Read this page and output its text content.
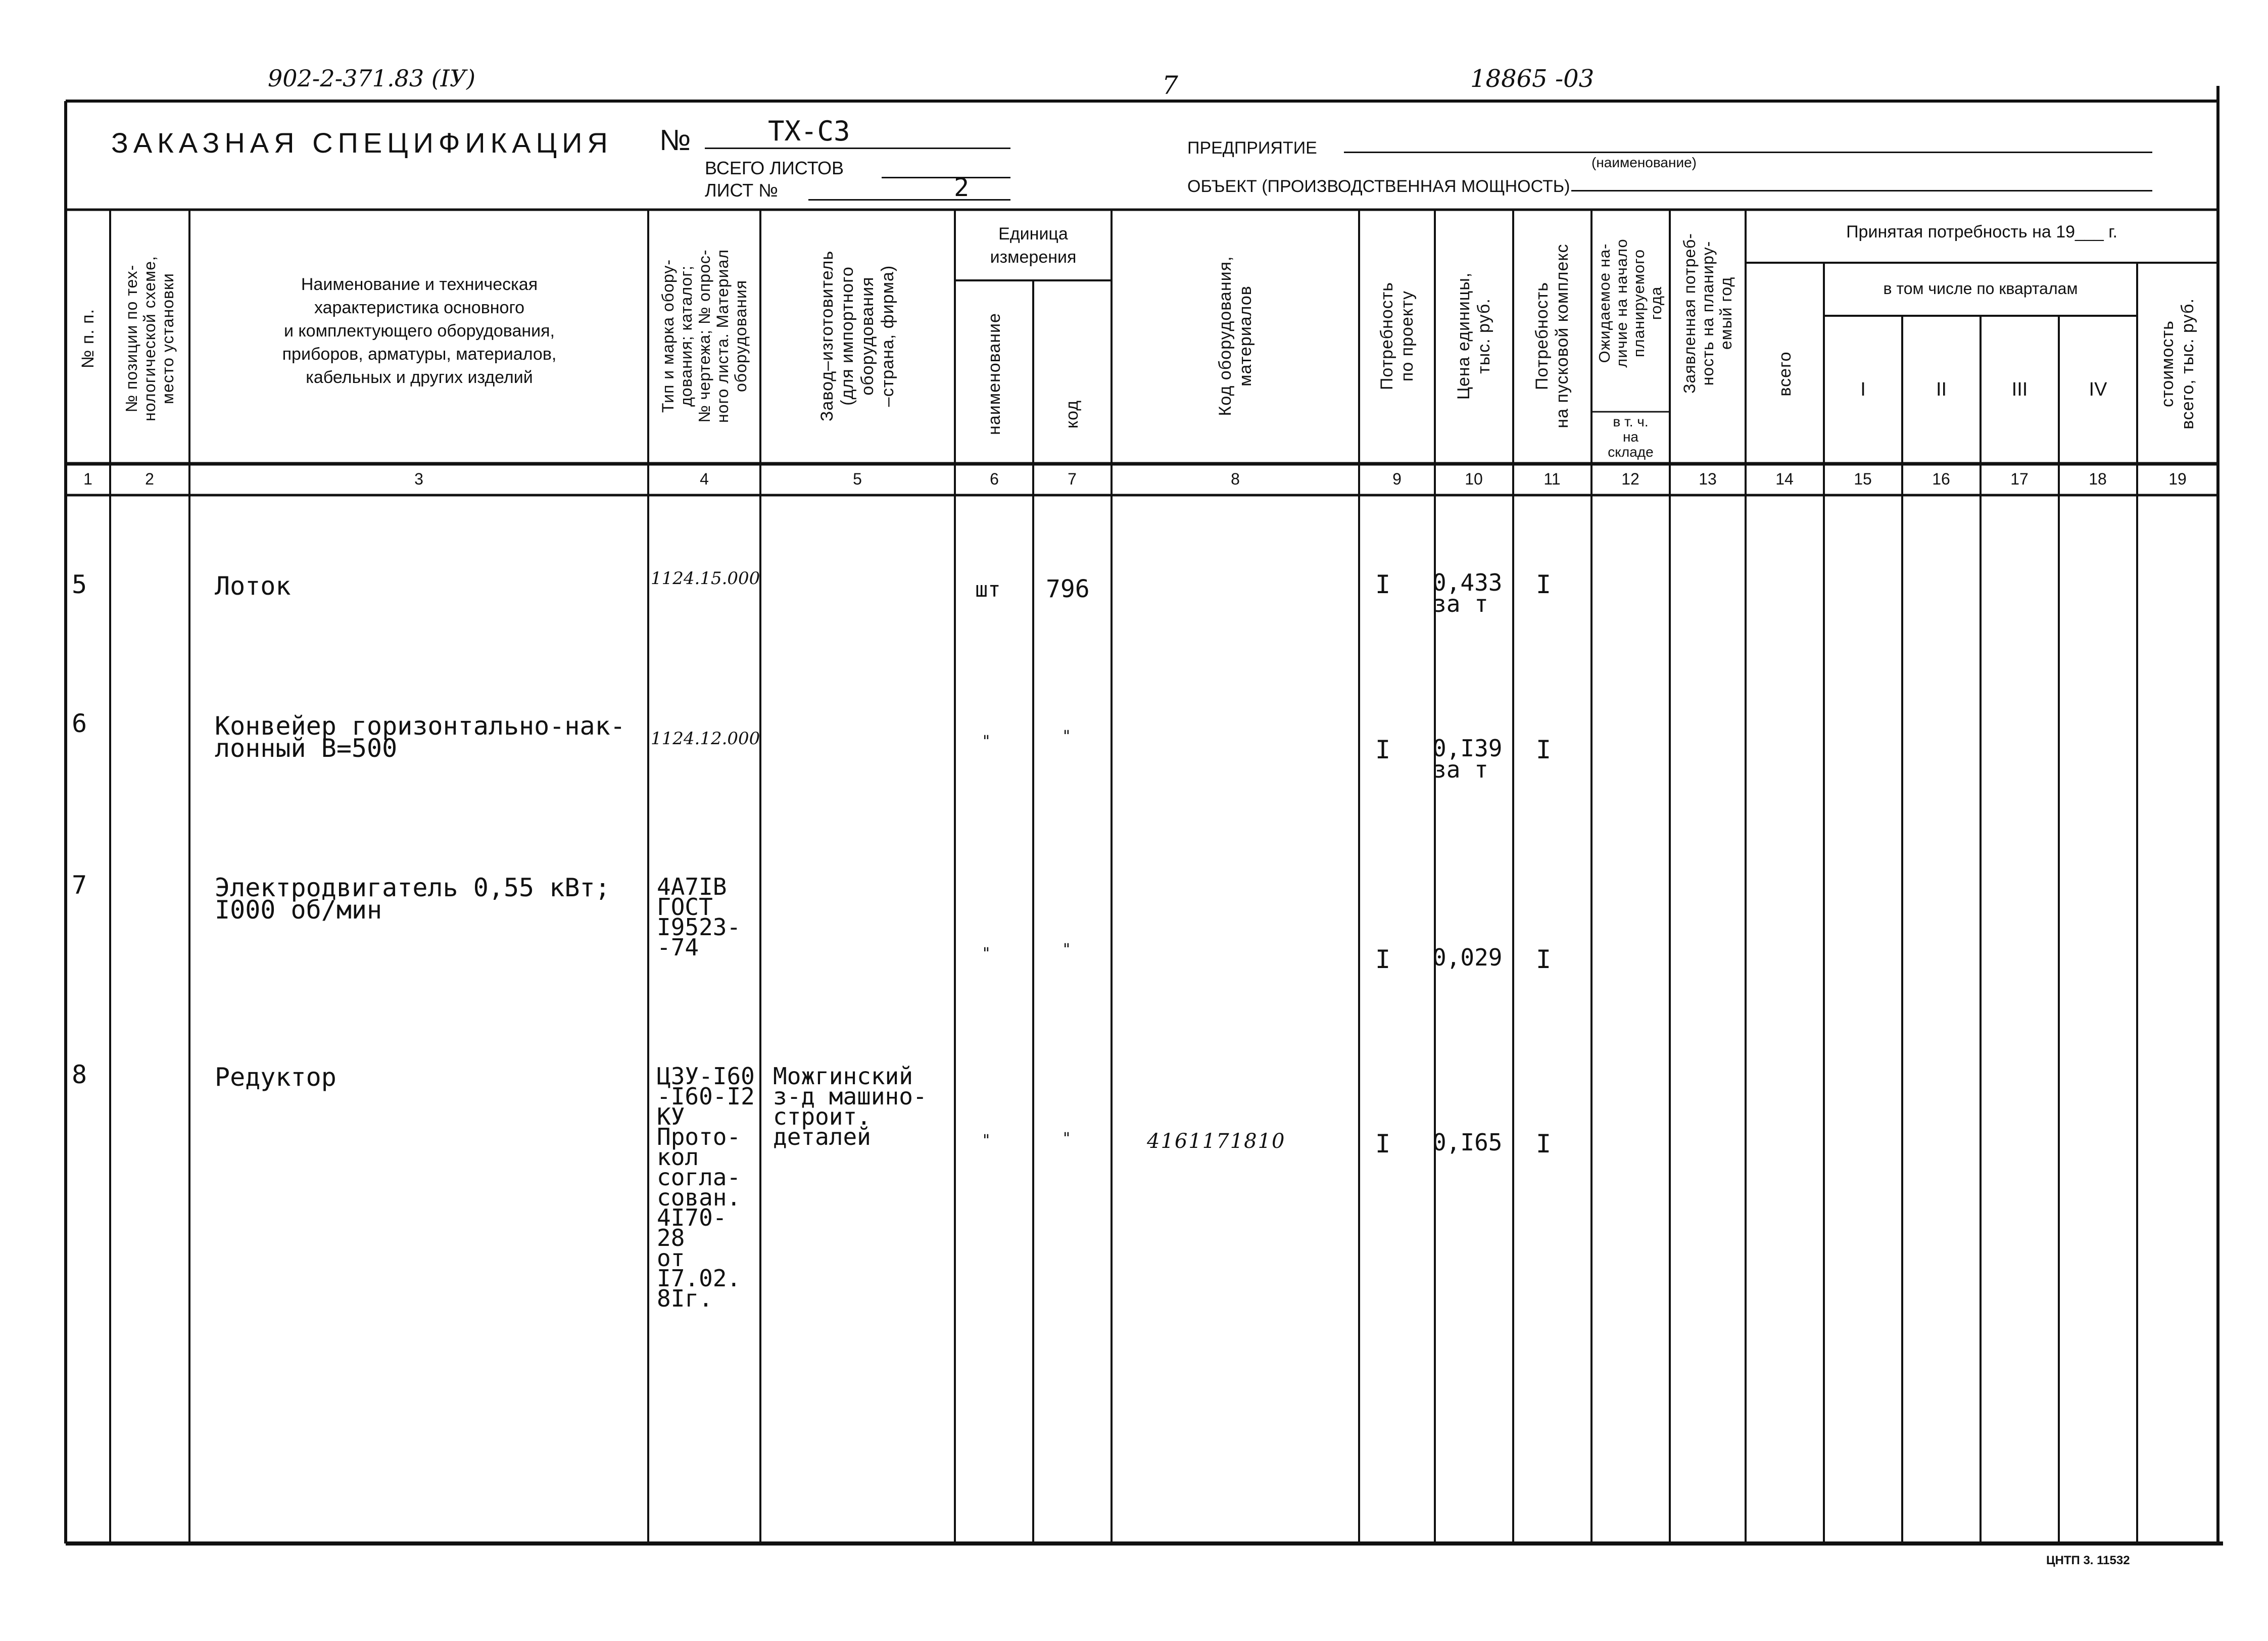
902-2-371.83 (IУ)	7	18865 -03
ЗАКАЗНАЯ СПЕЦИФИКАЦИЯ №	ТХ-С3
ВСЕГО ЛИСТОВ
ЛИСТ №	2
ПРЕДПРИЯТИЕ
(наименование)
ОБЪЕКТ (ПРОИЗВОДСТВЕННАЯ МОЩНОСТЬ)
№ п. п. № позиции по тех- нологической схеме, место установки	Наименование и техническая
характеристика основного
и комплектующего оборудования,
приборов, арматуры, материалов,
кабельных и других изделий	Тип и марка обору- дования; каталог; № чертежа; № опрос- ного листа. Материал оборудования	Завод–изготовитель (для импортного оборудования –страна, фирма)
Единица
измерения
наименование	код	Код оборудования, материалов	Потребность по проекту Цена единицы, тыс. руб. Потребность на пусковой комплекс Ожидаемое на- личие на начало планируемого года
в т. ч.
на
складе
Заявленная потреб- ность на планиру- емый год
Принятая потребность на 19___ г.
всего
в том числе по кварталам
I	II	III	IV	стоимость всего, тыс. руб.
1	2	3	4	5	6	7	8	9	10	11	12	13	14	15	16	17	18	19
5	Лоток	1124.15.000	шт 796	I 0,433
за т
I
6	Конвейер горизонтально-нак-
лонный В=500	1124.12.000	"	"	I 0,I39
за т
I
7	Электродвигатель 0,55 кВт;
I000 об/мин
4А7IВ
ГОСТ
I9523-
-74	"	"	I 0,029 I
8	Редуктор	Ц3У-I60
-I60-I2
КУ
Прото-
кол
согла-
сован.
4I70-
28
от
I7.02.
8Iг.
Можгинский
з-д машино-
строит.
деталей	"	"	4161171810	I 0,I65 I
ЦНТП 3. 11532
